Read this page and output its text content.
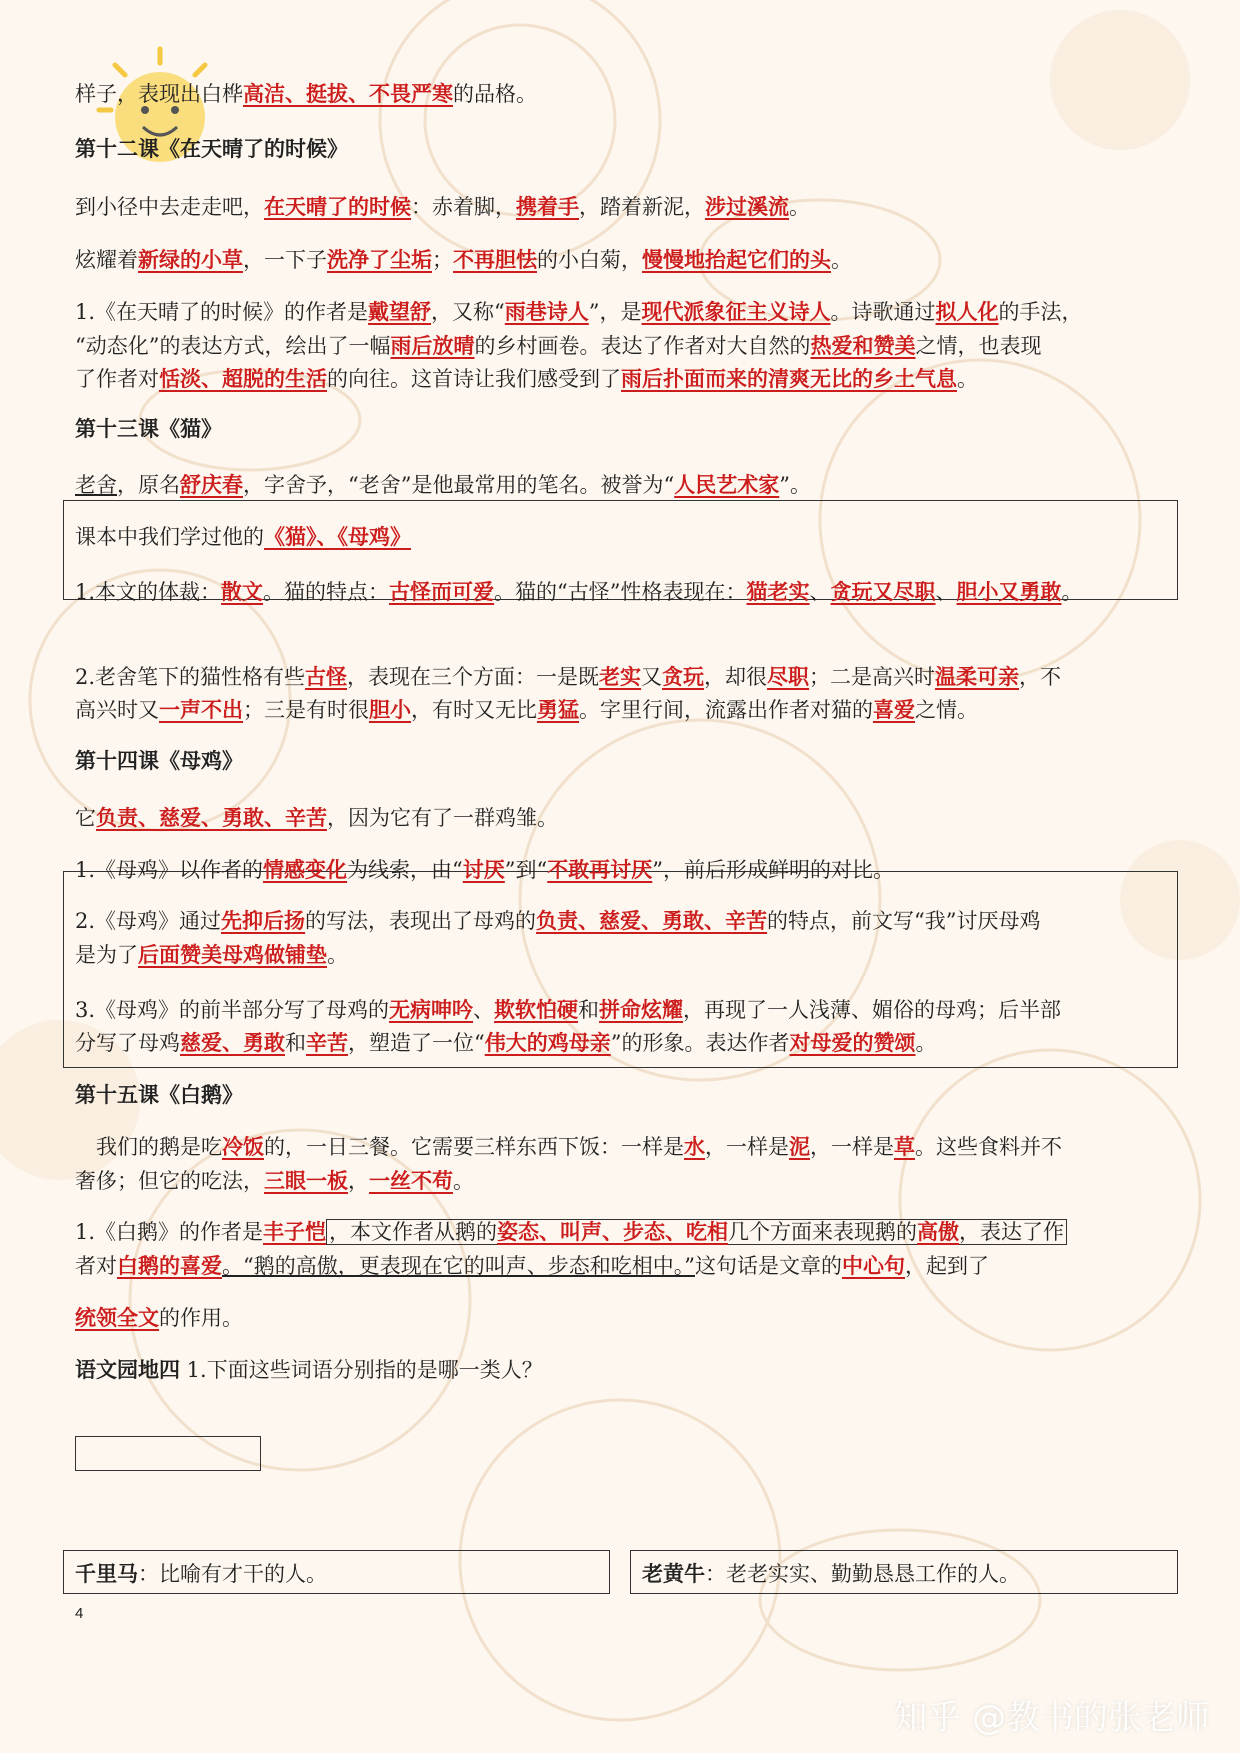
样子，表现出白桦高洁、挺拔、不畏严寒的品格。
第十二课《在天晴了的时候》
到小径中去走走吧，在天晴了的时候：赤着脚，携着手，踏着新泥，涉过溪流。
炫耀着新绿的小草，一下子洗净了尘垢；不再胆怯的小白菊，慢慢地抬起它们的头。
1.《在天晴了的时候》的作者是戴望舒，又称“雨巷诗人”，是现代派象征主义诗人。诗歌通过拟人化的手法，
“动态化”的表达方式，绘出了一幅雨后放晴的乡村画卷。表达了作者对大自然的热爱和赞美之情，也表现
了作者对恬淡、超脱的生活的向往。这首诗让我们感受到了雨后扑面而来的清爽无比的乡土气息。
第十三课《猫》
老舍，原名舒庆春，字舍予，“老舍”是他最常用的笔名。被誉为“人民艺术家”。
课本中我们学过他的《猫》、《母鸡》
1.本文的体裁：散文。猫的特点：古怪而可爱。猫的“古怪”性格表现在：猫老实、贪玩又尽职、胆小又勇敢。
2.老舍笔下的猫性格有些古怪，表现在三个方面：一是既老实又贪玩，却很尽职；二是高兴时温柔可亲，不
高兴时又一声不出；三是有时很胆小，有时又无比勇猛。字里行间，流露出作者对猫的喜爱之情。
第十四课《母鸡》
它负责、慈爱、勇敢、辛苦，因为它有了一群鸡雏。
1.《母鸡》以作者的情感变化为线索，由“讨厌”到“不敢再讨厌”，前后形成鲜明的对比。
2.《母鸡》通过先抑后扬的写法，表现出了母鸡的负责、慈爱、勇敢、辛苦的特点，前文写“我”讨厌母鸡
是为了后面赞美母鸡做铺垫。
3.《母鸡》的前半部分写了母鸡的无病呻吟、欺软怕硬和拼命炫耀，再现了一人浅薄、媚俗的母鸡；后半部
分写了母鸡慈爱、勇敢和辛苦，塑造了一位“伟大的鸡母亲”的形象。表达作者对母爱的赞颂。
第十五课《白鹅》
　我们的鹅是吃冷饭的，一日三餐。它需要三样东西下饭：一样是水，一样是泥，一样是草。这些食料并不
奢侈；但它的吃法，三眼一板，一丝不苟。
1.《白鹅》的作者是丰子恺 ，本文作者从鹅的姿态、叫声、步态、吃相几个方面来表现鹅的高傲，表达了作
者对白鹅的喜爱。“鹅的高傲，更表现在它的叫声、步态和吃相中。”这句话是文章的中心句，起到了
统领全文的作用。
语文园地四 1.下面这些词语分别指的是哪一类人？
千里马：比喻有才干的人。	老黄牛：老老实实、勤勤恳恳工作的人。
4
知乎 @教书的张老师
